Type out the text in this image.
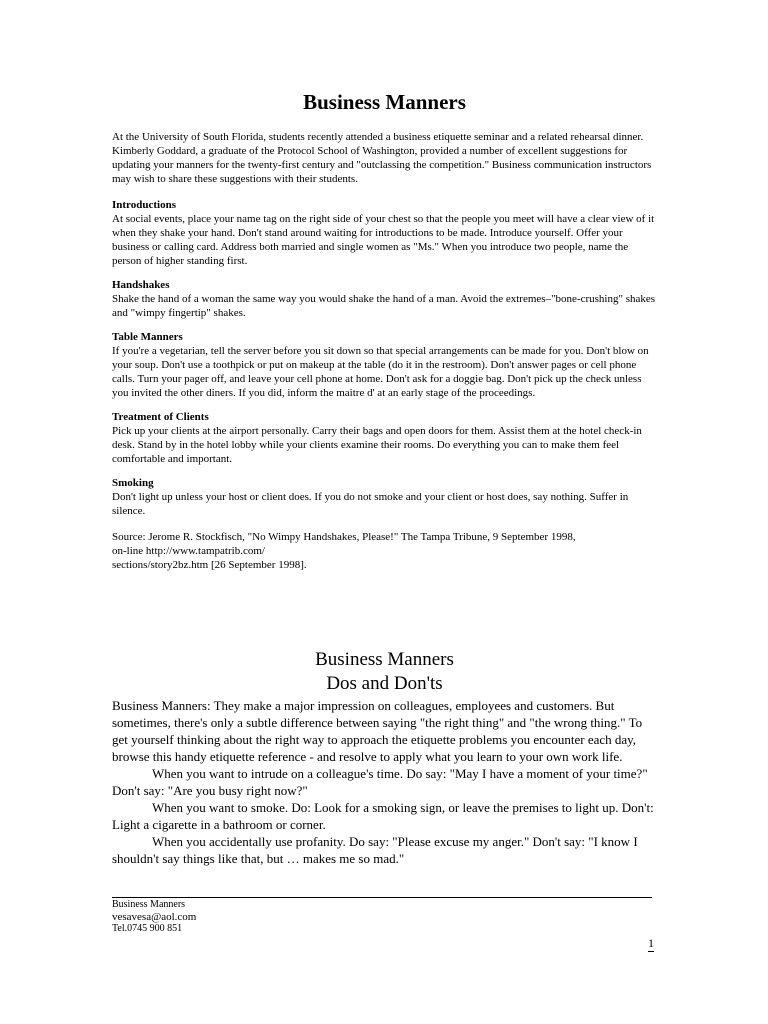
Business Manners

At the University of South Florida, students recently attended a business etiquette seminar and a related rehearsal dinner. Kimberly Goddard, a graduate of the Protocol School of Washington, provided a number of excellent suggestions for updating your manners for the twenty-first century and "outclassing the competition." Business communication instructors may wish to share these suggestions with their students.

Introductions

At social events, place your name tag on the right side of your chest so that the people you meet will have a clear view of it when they shake your hand. Don't stand around waiting for introductions to be made. Introduce yourself. Offer your business or calling card. Address both married and single women as "Ms." When you introduce two people, name the person of higher standing first.

Handshakes

Shake the hand of a woman the same way you would shake the hand of a man. Avoid the extremes–"bone-crushing" shakes and "wimpy fingertip" shakes.

Table Manners

If you're a vegetarian, tell the server before you sit down so that special arrangements can be made for you. Don't blow on your soup. Don't use a toothpick or put on makeup at the table (do it in the restroom). Don't answer pages or cell phone calls. Turn your pager off, and leave your cell phone at home. Don't ask for a doggie bag. Don't pick up the check unless you invited the other diners. If you did, inform the maitre d' at an early stage of the proceedings.

Treatment of Clients

Pick up your clients at the airport personally. Carry their bags and open doors for them. Assist them at the hotel check-in desk. Stand by in the hotel lobby while your clients examine their rooms. Do everything you can to make them feel comfortable and important.

Smoking

Don't light up unless your host or client does. If you do not smoke and your client or host does, say nothing. Suffer in silence.

Source: Jerome R. Stockfisch, "No Wimpy Handshakes, Please!" The Tampa Tribune, 9 September 1998,

on-line http://www.tampatrib.com/

sections/story2bz.htm [26 September 1998].

Business Manners
Dos and Don'ts

Business Manners: They make a major impression on colleagues, employees and customers. But sometimes, there's only a subtle difference between saying "the right thing" and "the wrong thing." To get yourself thinking about the right way to approach the etiquette problems you encounter each day, browse this handy etiquette reference - and resolve to apply what you learn to your own work life.

When you want to intrude on a colleague's time. Do say: "May I have a moment of your time?" Don't say: "Are you busy right now?"

When you want to smoke. Do: Look for a smoking sign, or leave the premises to light up. Don't: Light a cigarette in a bathroom or corner.

When you accidentally use profanity. Do say: "Please excuse my anger." Don't say: "I know I shouldn't say things like that, but … makes me so mad."

Business Manners
vesavesa@aol.com
Tel.0745 900 851
1
